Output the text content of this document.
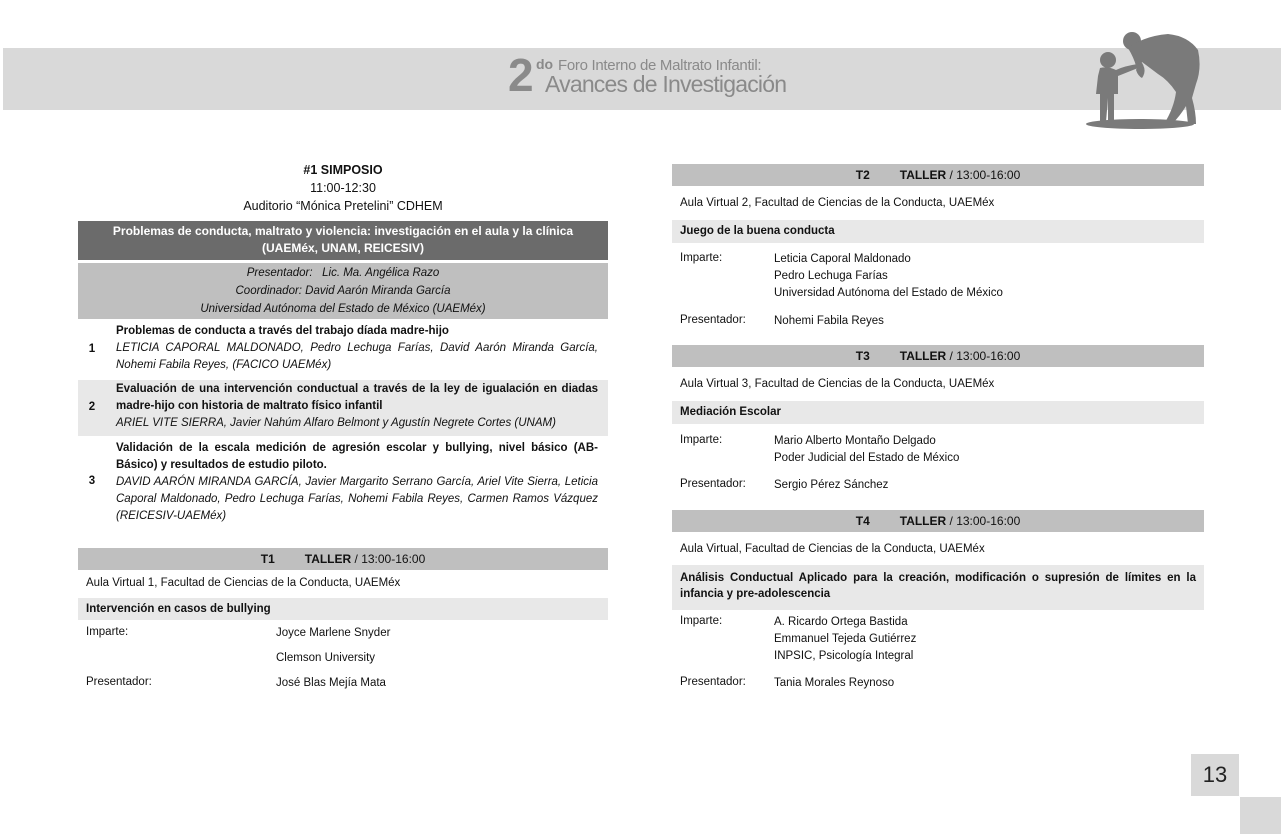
2 do Foro Interno de Maltrato Infantil:
Avances de Investigación
#1 SIMPOSIO
11:00-12:30
Auditorio “Mónica Pretelini” CDHEM
Problemas de conducta, maltrato y violencia: investigación en el aula y la clínica
(UAEMéx, UNAM, REICESIV)
Presentador:   Lic. Ma. Angélica Razo
Coordinador: David Aarón Miranda García
Universidad Autónoma del Estado de México (UAEMéx)
1
Problemas de conducta a través del trabajo díada madre-hijo
LETICIA CAPORAL MALDONADO, Pedro Lechuga Farías, David Aarón Miranda García, Nohemi Fabila Reyes, (FACICO UAEMéx)
2
Evaluación de una intervención conductual a través de la ley de igualación en diadas madre-hijo con historia de maltrato físico infantil
ARIEL VITE SIERRA, Javier Nahúm Alfaro Belmont y Agustín Negrete Cortes (UNAM)
3
Validación de la escala medición de agresión escolar y bullying, nivel básico (AB-Básico) y resultados de estudio piloto.
DAVID AARÓN MIRANDA GARCÍA, Javier Margarito Serrano García, Ariel Vite Sierra, Leticia Caporal Maldonado, Pedro Lechuga Farías, Nohemi Fabila Reyes, Carmen Ramos Vázquez (REICESIV-UAEMéx)
T1	TALLER / 13:00-16:00
Aula Virtual 1, Facultad de Ciencias de la Conducta, UAEMéx
Intervención en casos de bullying
Imparte:	Joyce Marlene Snyder
Clemson University
Presentador:	José Blas Mejía Mata
T2	TALLER / 13:00-16:00
Aula Virtual 2, Facultad de Ciencias de la Conducta, UAEMéx
Juego de la buena conducta
Imparte:	Leticia Caporal Maldonado
Pedro Lechuga Farías
Universidad Autónoma del Estado de México
Presentador: Nohemi Fabila Reyes
T3	TALLER / 13:00-16:00
Aula Virtual 3, Facultad de Ciencias de la Conducta, UAEMéx
Mediación Escolar
Imparte:	Mario Alberto Montaño Delgado
Poder Judicial del Estado de México
Presentador: Sergio Pérez Sánchez
T4	TALLER / 13:00-16:00
Aula Virtual, Facultad de Ciencias de la Conducta, UAEMéx
Análisis Conductual Aplicado para la creación, modificación o supresión de límites en la infancia y pre-adolescencia
Imparte:	A. Ricardo Ortega Bastida
Emmanuel Tejeda Gutiérrez
INPSIC, Psicología Integral
Presentador: Tania Morales Reynoso
13
